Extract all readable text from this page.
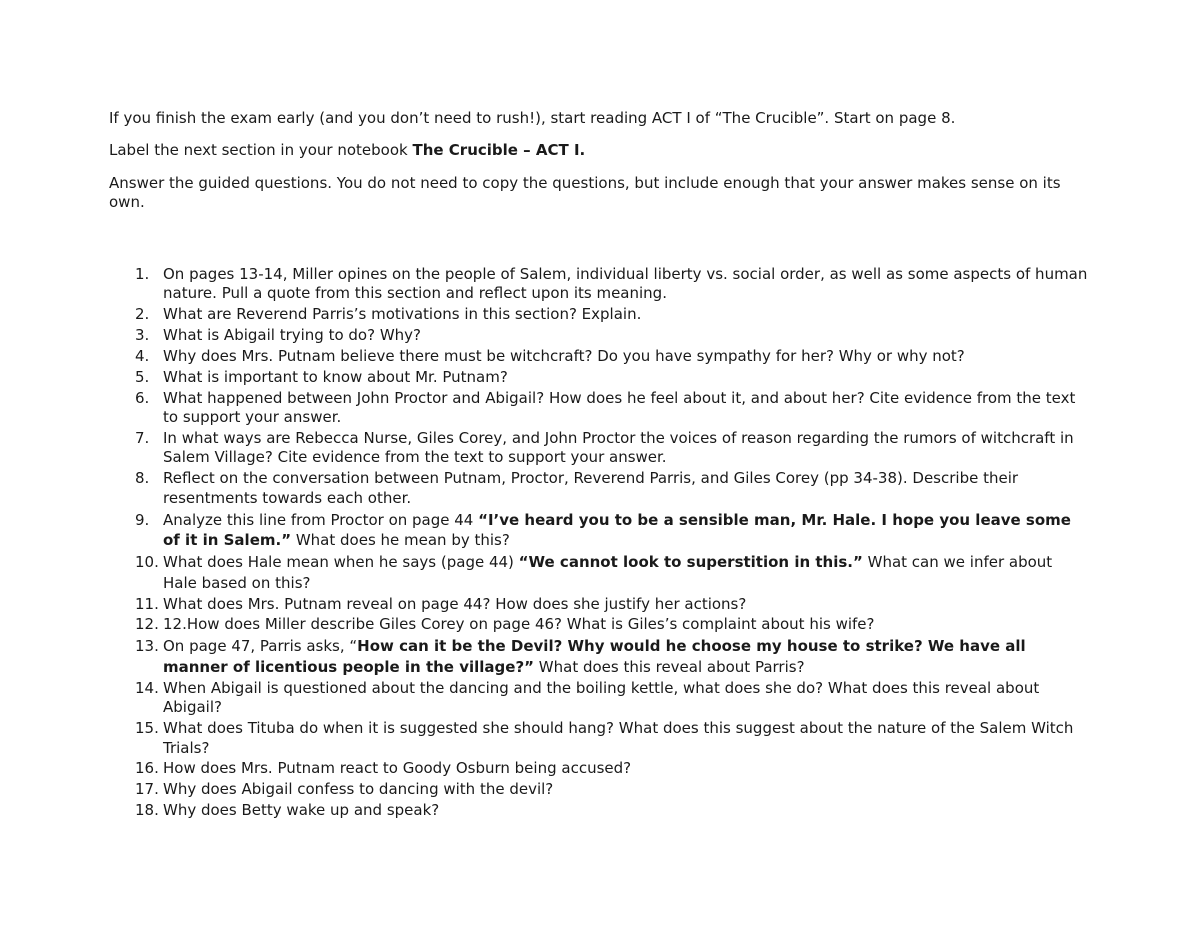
If you finish the exam early (and you don’t need to rush!), start reading ACT I of “The Crucible”. Start on page 8.

Label the next section in your notebook The Crucible – ACT I.

Answer the guided questions. You do not need to copy the questions, but include enough that your answer makes sense on its own.

1. On pages 13-14, Miller opines on the people of Salem, individual liberty vs. social order, as well as some aspects of human nature. Pull a quote from this section and reflect upon its meaning.
2. What are Reverend Parris’s motivations in this section? Explain.
3. What is Abigail trying to do? Why?
4. Why does Mrs. Putnam believe there must be witchcraft? Do you have sympathy for her? Why or why not?
5. What is important to know about Mr. Putnam?
6. What happened between John Proctor and Abigail? How does he feel about it, and about her? Cite evidence from the text to support your answer.
7. In what ways are Rebecca Nurse, Giles Corey, and John Proctor the voices of reason regarding the rumors of witchcraft in Salem Village? Cite evidence from the text to support your answer.
8. Reflect on the conversation between Putnam, Proctor, Reverend Parris, and Giles Corey (pp 34-38). Describe their resentments towards each other.
9. Analyze this line from Proctor on page 44 “I’ve heard you to be a sensible man, Mr. Hale. I hope you leave some of it in Salem.” What does he mean by this?
10. What does Hale mean when he says (page 44) “We cannot look to superstition in this.” What can we infer about Hale based on this?
11. What does Mrs. Putnam reveal on page 44? How does she justify her actions?
12. 12.How does Miller describe Giles Corey on page 46? What is Giles’s complaint about his wife?
13. On page 47, Parris asks, “How can it be the Devil? Why would he choose my house to strike? We have all manner of licentious people in the village?” What does this reveal about Parris?
14. When Abigail is questioned about the dancing and the boiling kettle, what does she do? What does this reveal about Abigail?
15. What does Tituba do when it is suggested she should hang? What does this suggest about the nature of the Salem Witch Trials?
16. How does Mrs. Putnam react to Goody Osburn being accused?
17. Why does Abigail confess to dancing with the devil?
18. Why does Betty wake up and speak?
